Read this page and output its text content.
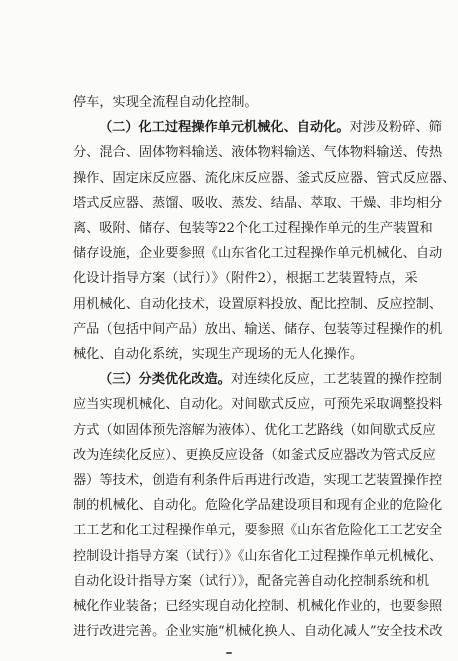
停车，实现全流程自动化控制。
（二）化工过程操作单元机械化、自动化。对涉及粉碎、筛
分、混合、固体物料输送、液体物料输送、气体物料输送、传热
操作、固定床反应器、流化床反应器、釜式反应器、管式反应器、
塔式反应器、蒸馏、吸收、蒸发、结晶、萃取、干燥、非均相分
离、吸附、储存、包装等22个化工过程操作单元的生产装置和
储存设施，企业要参照《山东省化工过程操作单元机械化、自动
化设计指导方案（试行）》（附件2），根据工艺装置特点，采
用机械化、自动化技术，设置原料投放、配比控制、反应控制、
产品（包括中间产品）放出、输送、储存、包装等过程操作的机
械化、自动化系统，实现生产现场的无人化操作。
（三）分类优化改造。对连续化反应，工艺装置的操作控制
应当实现机械化、自动化。对间歇式反应，可预先采取调整投料
方式（如固体预先溶解为液体）、优化工艺路线（如间歇式反应
改为连续化反应）、更换反应设备（如釜式反应器改为管式反应
器）等技术，创造有利条件后再进行改造，实现工艺装置操作控
制的机械化、自动化。危险化学品建设项目和现有企业的危险化
工工艺和化工过程操作单元，要参照《山东省危险化工工艺安全
控制设计指导方案（试行）》《山东省化工过程操作单元机械化、
自动化设计指导方案（试行）》，配备完善自动化控制系统和机
械化作业装备；已经实现自动化控制、机械化作业的，也要参照
进行改进完善。企业实施“机械化换人、自动化减人”安全技术改
